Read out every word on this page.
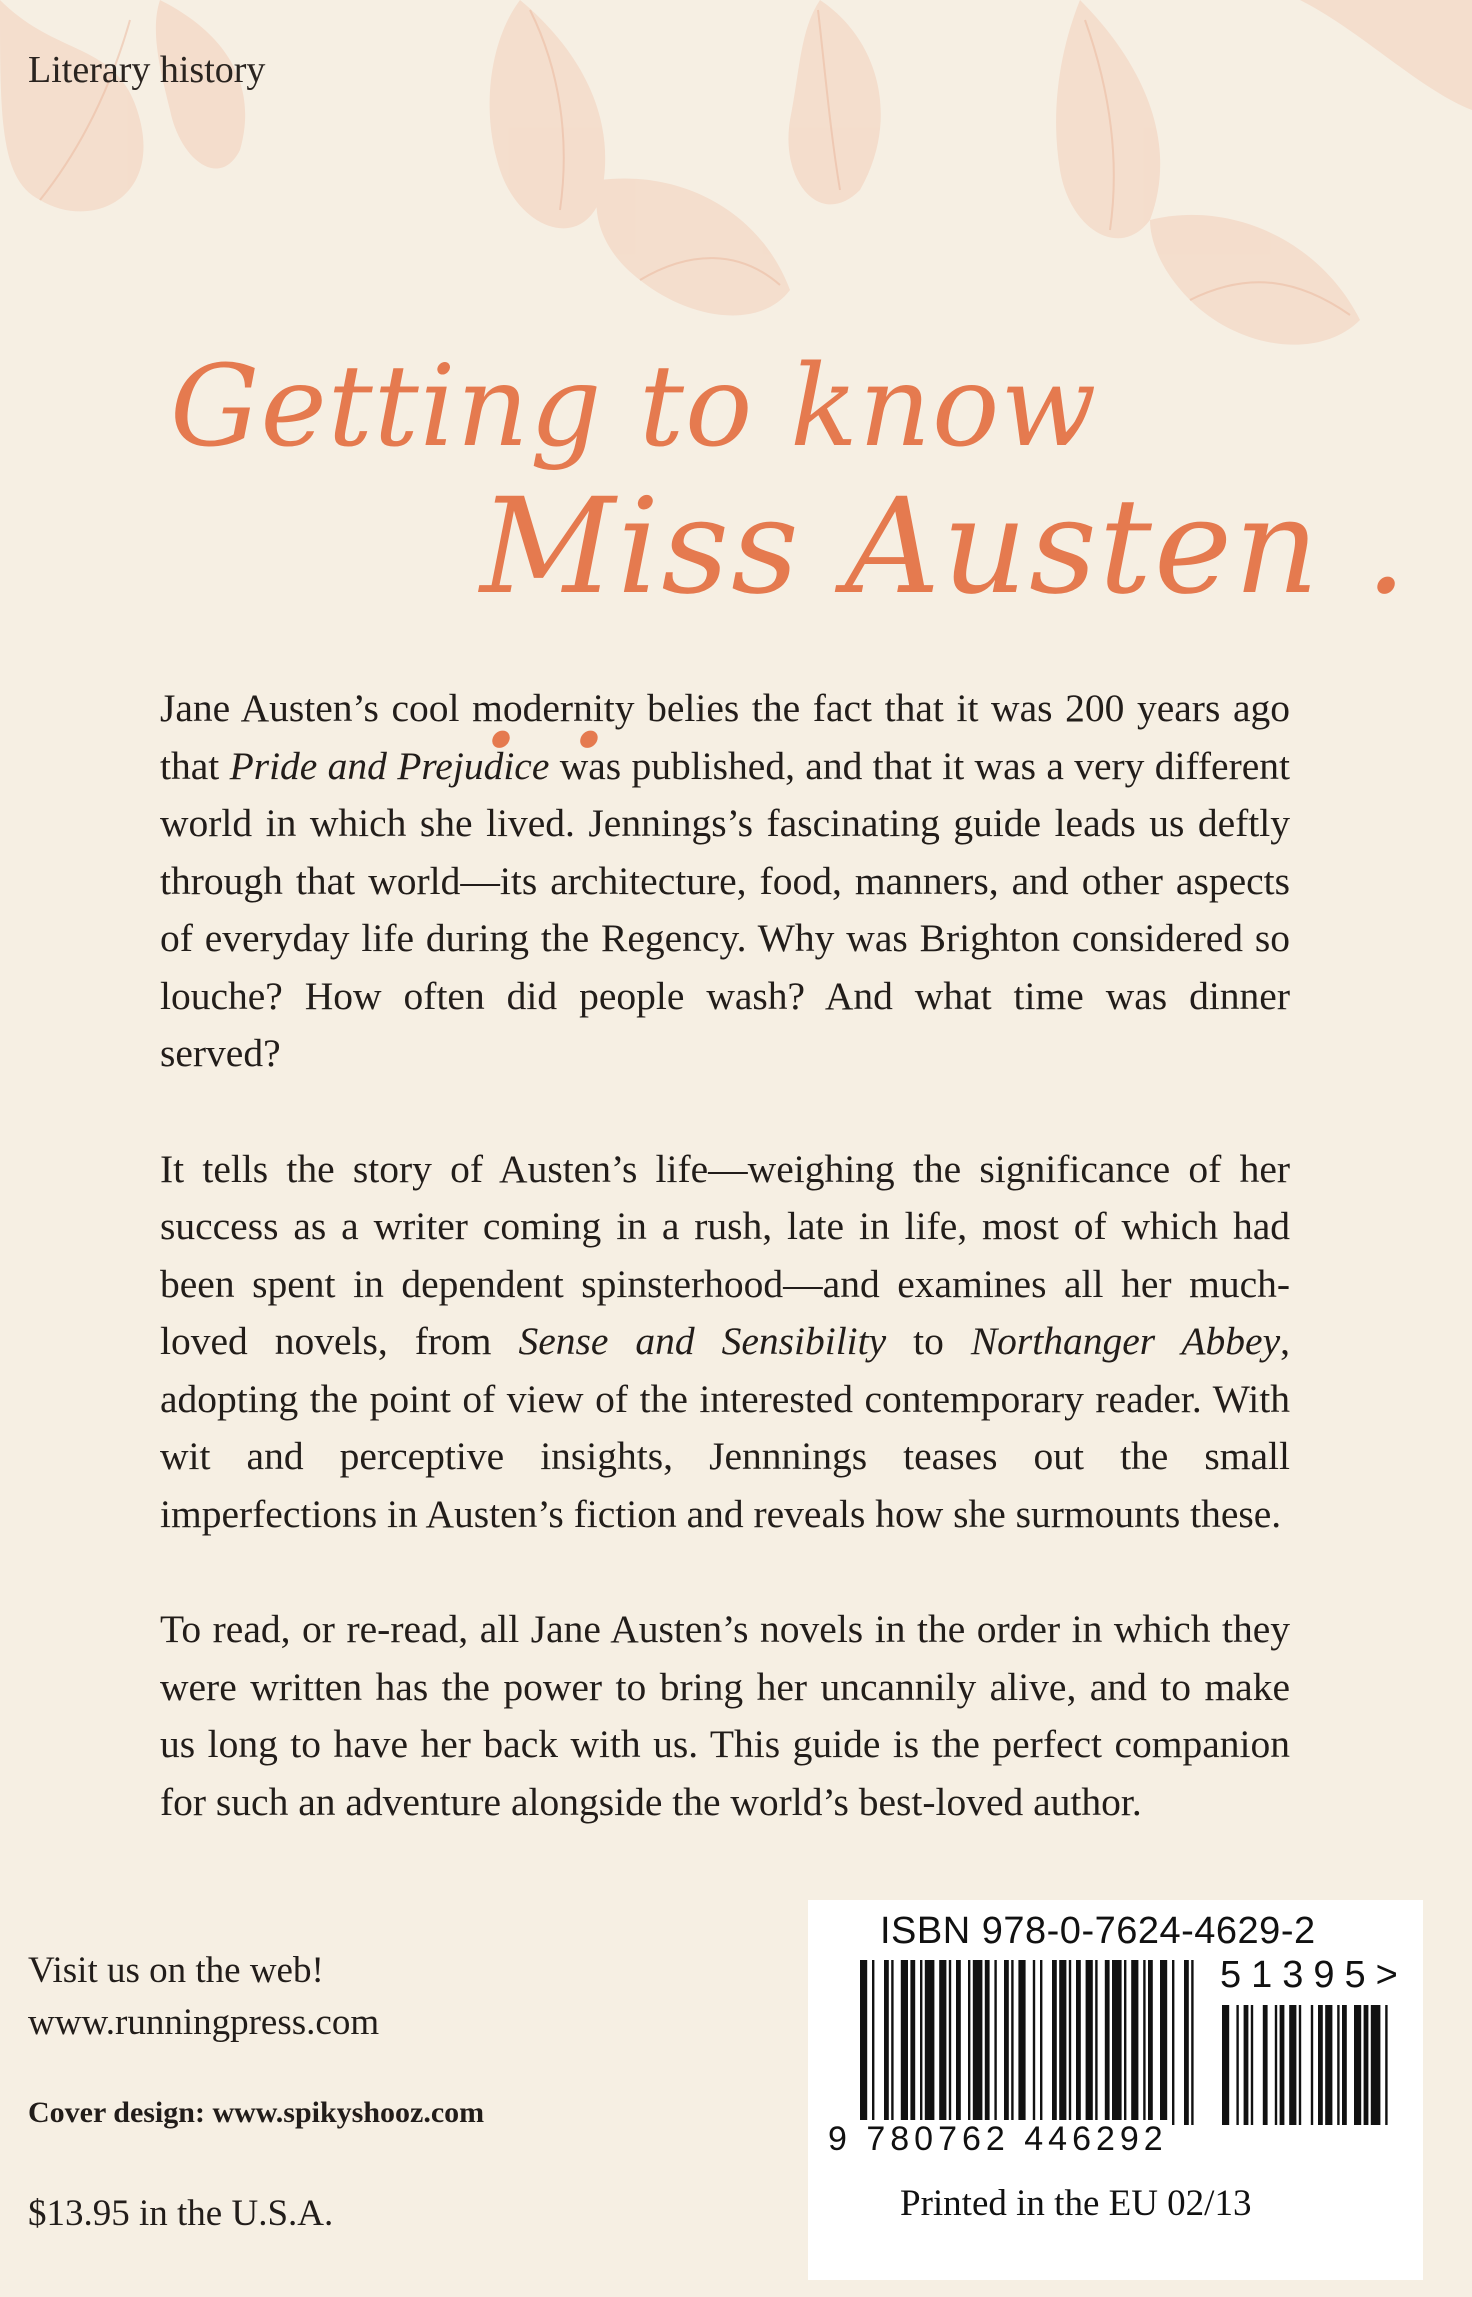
Literary history
Getting to know
Miss Austen . . .

Jane Austen’s cool modernity belies the fact that it was 200 years ago that Pride and Prejudice was published, and that it was a very different world in which she lived. Jennings’s fascinating guide leads us deftly through that world—its architecture, food, manners, and other aspects of everyday life during the Regency. Why was Brighton considered so louche? How often did people wash? And what time was dinner served?

It tells the story of Austen’s life—weighing the significance of her success as a writer coming in a rush, late in life, most of which had been spent in dependent spinsterhood—and examines all her much-loved novels, from Sense and Sensibility to Northanger Abbey, adopting the point of view of the interested contemporary reader. With wit and perceptive insights, Jennnings teases out the small imperfections in Austen’s fiction and reveals how she surmounts these.

To read, or re-read, all Jane Austen’s novels in the order in which they were written has the power to bring her uncannily alive, and to make us long to have her back with us. This guide is the perfect companion for such an adventure alongside the world’s best-loved author.

Visit us on the web!
www.runningpress.com
Cover design: www.spikyshooz.com
$13.95 in the U.S.A.
ISBN 978-0-7624-4629-2
51395>
9 780762 446292
Printed in the EU 02/13
